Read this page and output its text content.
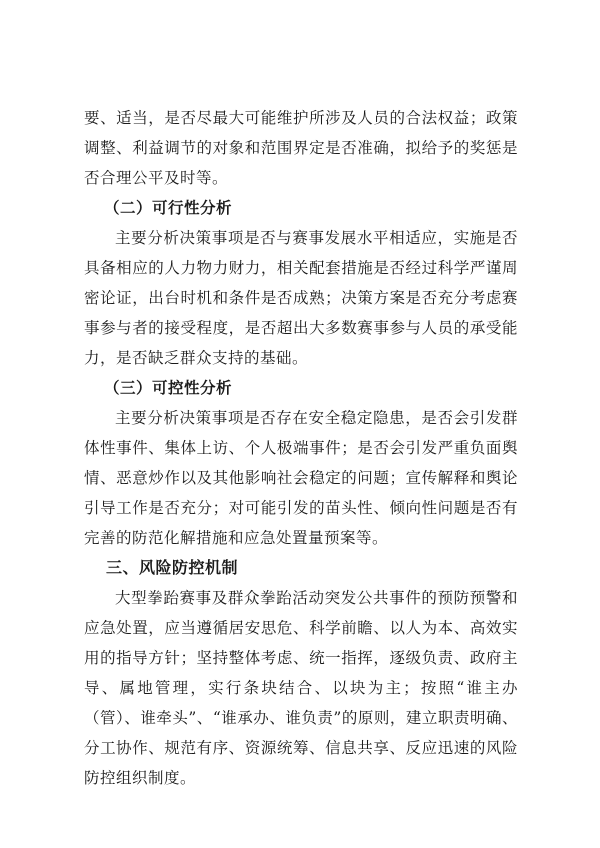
要、适当，是否尽最大可能维护所涉及人员的合法权益；政策调整、利益调节的对象和范围界定是否准确，拟给予的奖惩是否合理公平及时等。

（二）可行性分析

主要分析决策事项是否与赛事发展水平相适应，实施是否具备相应的人力物力财力，相关配套措施是否经过科学严谨周密论证，出台时机和条件是否成熟；决策方案是否充分考虑赛事参与者的接受程度，是否超出大多数赛事参与人员的承受能力，是否缺乏群众支持的基础。

（三）可控性分析

主要分析决策事项是否存在安全稳定隐患，是否会引发群体性事件、集体上访、个人极端事件；是否会引发严重负面舆情、恶意炒作以及其他影响社会稳定的问题；宣传解释和舆论引导工作是否充分；对可能引发的苗头性、倾向性问题是否有完善的防范化解措施和应急处置量预案等。

三、风险防控机制

大型拳跆赛事及群众拳跆活动突发公共事件的预防预警和应急处置，应当遵循居安思危、科学前瞻、以人为本、高效实用的指导方针；坚持整体考虑、统一指挥，逐级负责、政府主导、属地管理，实行条块结合、以块为主；按照“谁主办（管）、谁牵头”、“谁承办、谁负责”的原则，建立职责明确、分工协作、规范有序、资源统筹、信息共享、反应迅速的风险防控组织制度。
